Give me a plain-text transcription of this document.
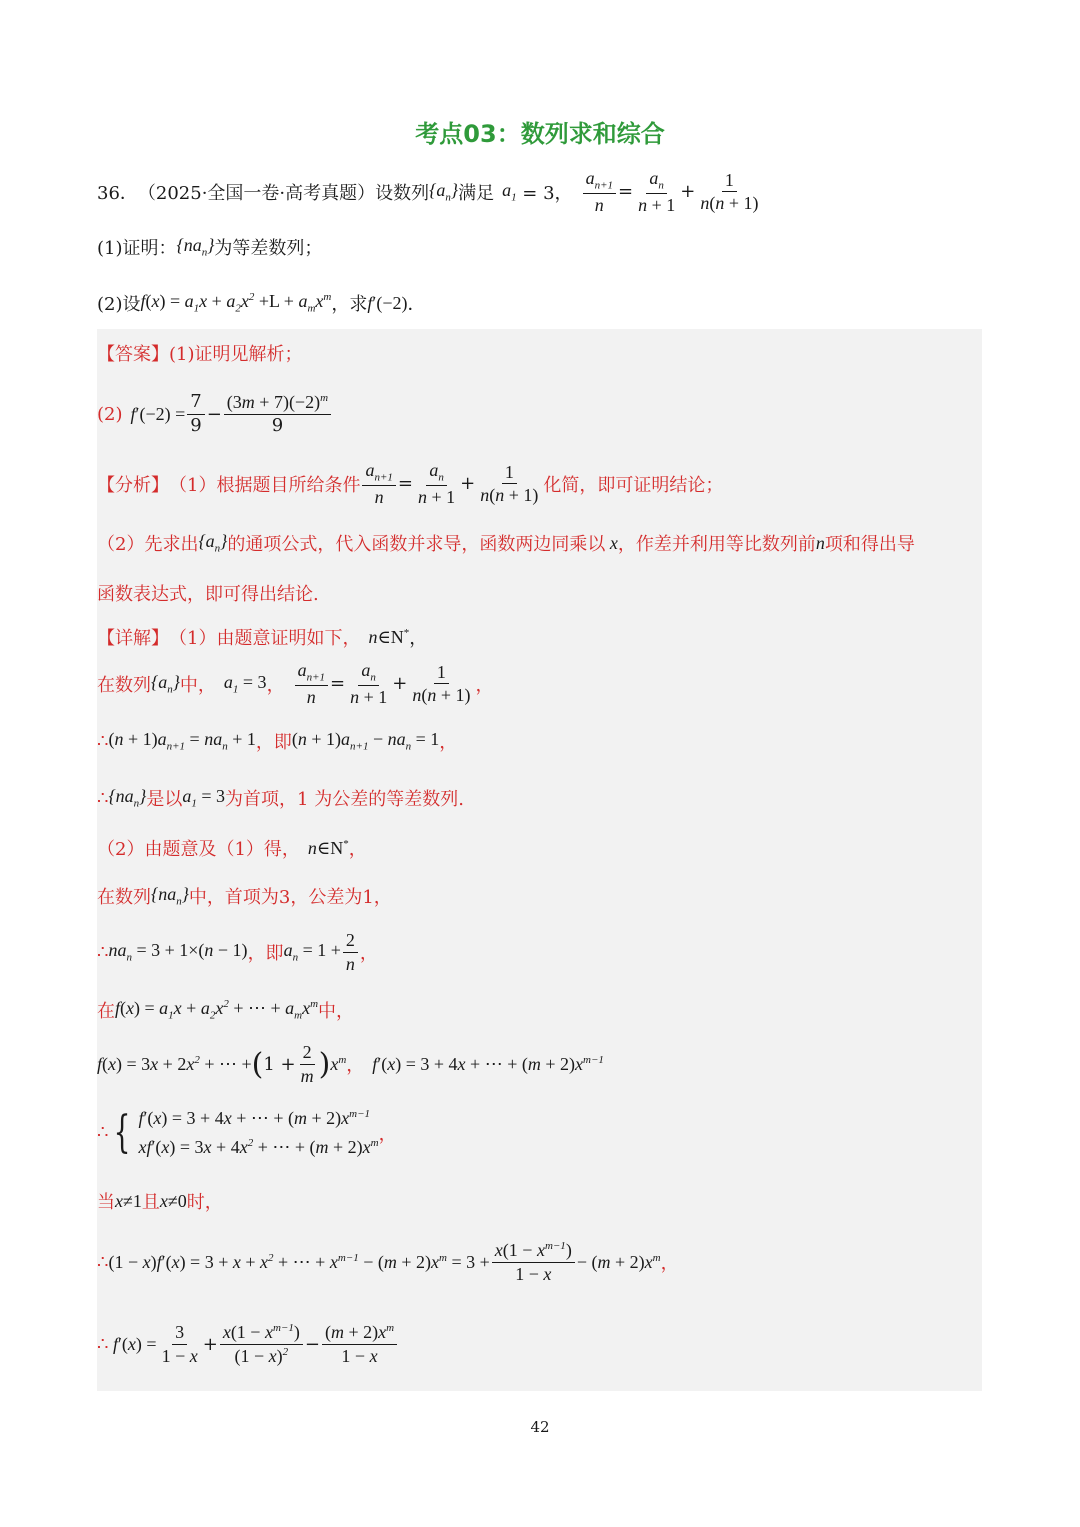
考点03：数列求和综合
36． （2025·全国一卷·高考真题） 设数列 $\{a_n\}$ 满足 $a_1 = 3$， $\frac{a_{n+1}}{n} = \frac{a_n}{n + 1} + \frac{1}{n(n + 1)}$
(1)证明： $\{na_n\}$ 为等差数列；
(2)设 $f(x) = a_1x + a_2x^2 +L + a_mx^m$ ，求 f′(−2) ．
【答案】 (1)证明见解析；
(2) $f'(-2) = \frac{7}{9} - \frac{(3m + 7)(-2)^m}{9}$
【分析】 （1）根据题目所给条件 $\frac{a_{n+1}}{n} = \frac{a_n}{n + 1} + \frac{1}{n(n + 1)}$ 化简，即可证明结论；
（2）先求出 $\{a_n\}$ 的通项公式，代入函数并求导，函数两边同乘以 x ，作差并利用等比数列前 n 项和得出导
函数表达式，即可得出结论.
【详解】 （1）由题意证明如下， n∈N* ，
在数列 $\{a_n\}$ 中， $a_1 = 3$ ， $\frac{a_{n+1}}{n} = \frac{a_n}{n + 1} + \frac{1}{n(n + 1)}$ ，
∴ $(n + 1)a_{n+1} = na_n + 1$ ，即 $(n + 1)a_{n+1} - na_n = 1$ ，
∴ $\{na_n\}$ 是以 $a_1 = 3$ 为首项，1 为公差的等差数列.
（2）由题意及（1）得， n∈N* ，
在数列 $\{na_n\}$ 中，首项为3，公差为1，
∴ $na_n = 3 + 1\times(n - 1)$ ，即 $a_n = 1 + \frac{2}{n}$ ，
在 $f(x) = a_1x + a_2x^2$ + ⋯ + $a_mx^m$ 中，
$f(x) = 3x + 2x^2$ + ⋯ + ( $1 + \frac{2}{m}$ ) $x^m$ ， f′(x) = 3 + 4x + ⋯ + $(m + 2)x^{m-1}$
∴ { f′(x) = 3 + 4x + ⋯ + $(m + 2)x^{m-1}$
$xf'(x) = 3x + 4x^2$ + ⋯ + $(m + 2)x^m$ ，
当 x≠1 且 x≠0 时，
∴ $(1 - x)f'(x) = 3 + x + x^2$ + ⋯ + $x^{m-1} - (m + 2)x^m = 3 + \frac{x(1 - x^{m-1})}{1 - x} - (m + 2)x^m$ ，
∴ $f'(x) = \frac{3}{1 - x} + \frac{x(1 - x^{m-1})}{(1 - x)^2} - \frac{(m + 2)x^m}{1 - x}$
42
